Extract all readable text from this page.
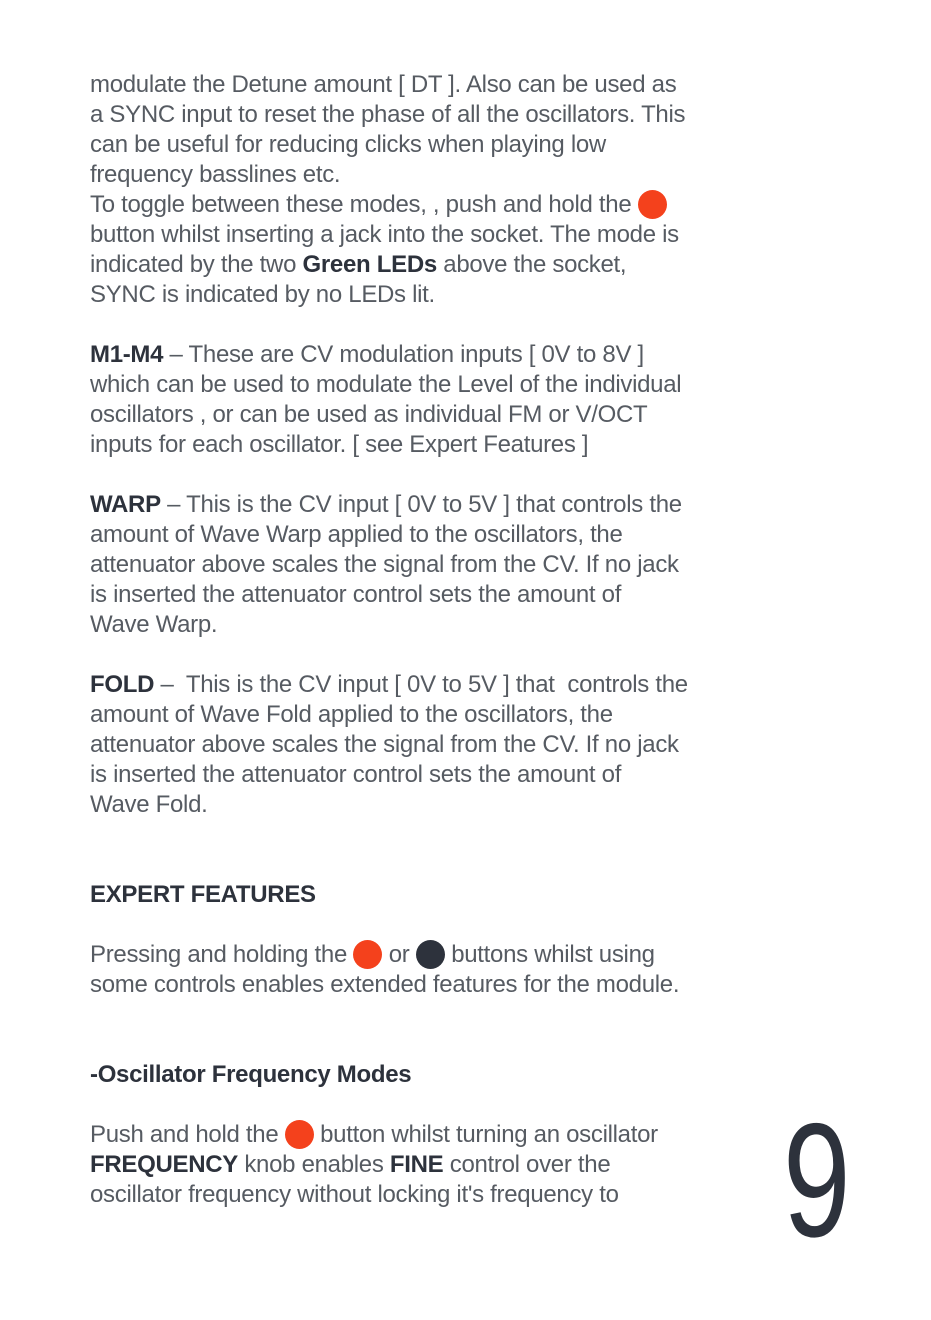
modulate the Detune amount [ DT ]. Also can be used as
a SYNC input to reset the phase of all the oscillators. This
can be useful for reducing clicks when playing low
frequency basslines etc.
To toggle between these modes, , push and hold the
button whilst inserting a jack into the socket. The mode is
indicated by the two Green LEDs above the socket,
SYNC is indicated by no LEDs lit.
M1-M4 – These are CV modulation inputs [ 0V to 8V ]
which can be used to modulate the Level of the individual
oscillators , or can be used as individual FM or V/OCT
inputs for each oscillator. [ see Expert Features ]
WARP – This is the CV input [ 0V to 5V ] that controls the
amount of Wave Warp applied to the oscillators, the
attenuator above scales the signal from the CV. If no jack
is inserted the attenuator control sets the amount of
Wave Warp.
FOLD –  This is the CV input [ 0V to 5V ] that  controls the
amount of Wave Fold applied to the oscillators, the
attenuator above scales the signal from the CV. If no jack
is inserted the attenuator control sets the amount of
Wave Fold.
EXPERT FEATURES
Pressing and holding the  or  buttons whilst using
some controls enables extended features for the module.
-Oscillator Frequency Modes
Push and hold the  button whilst turning an oscillator
FREQUENCY knob enables FINE control over the
oscillator frequency without locking it's frequency to	9
